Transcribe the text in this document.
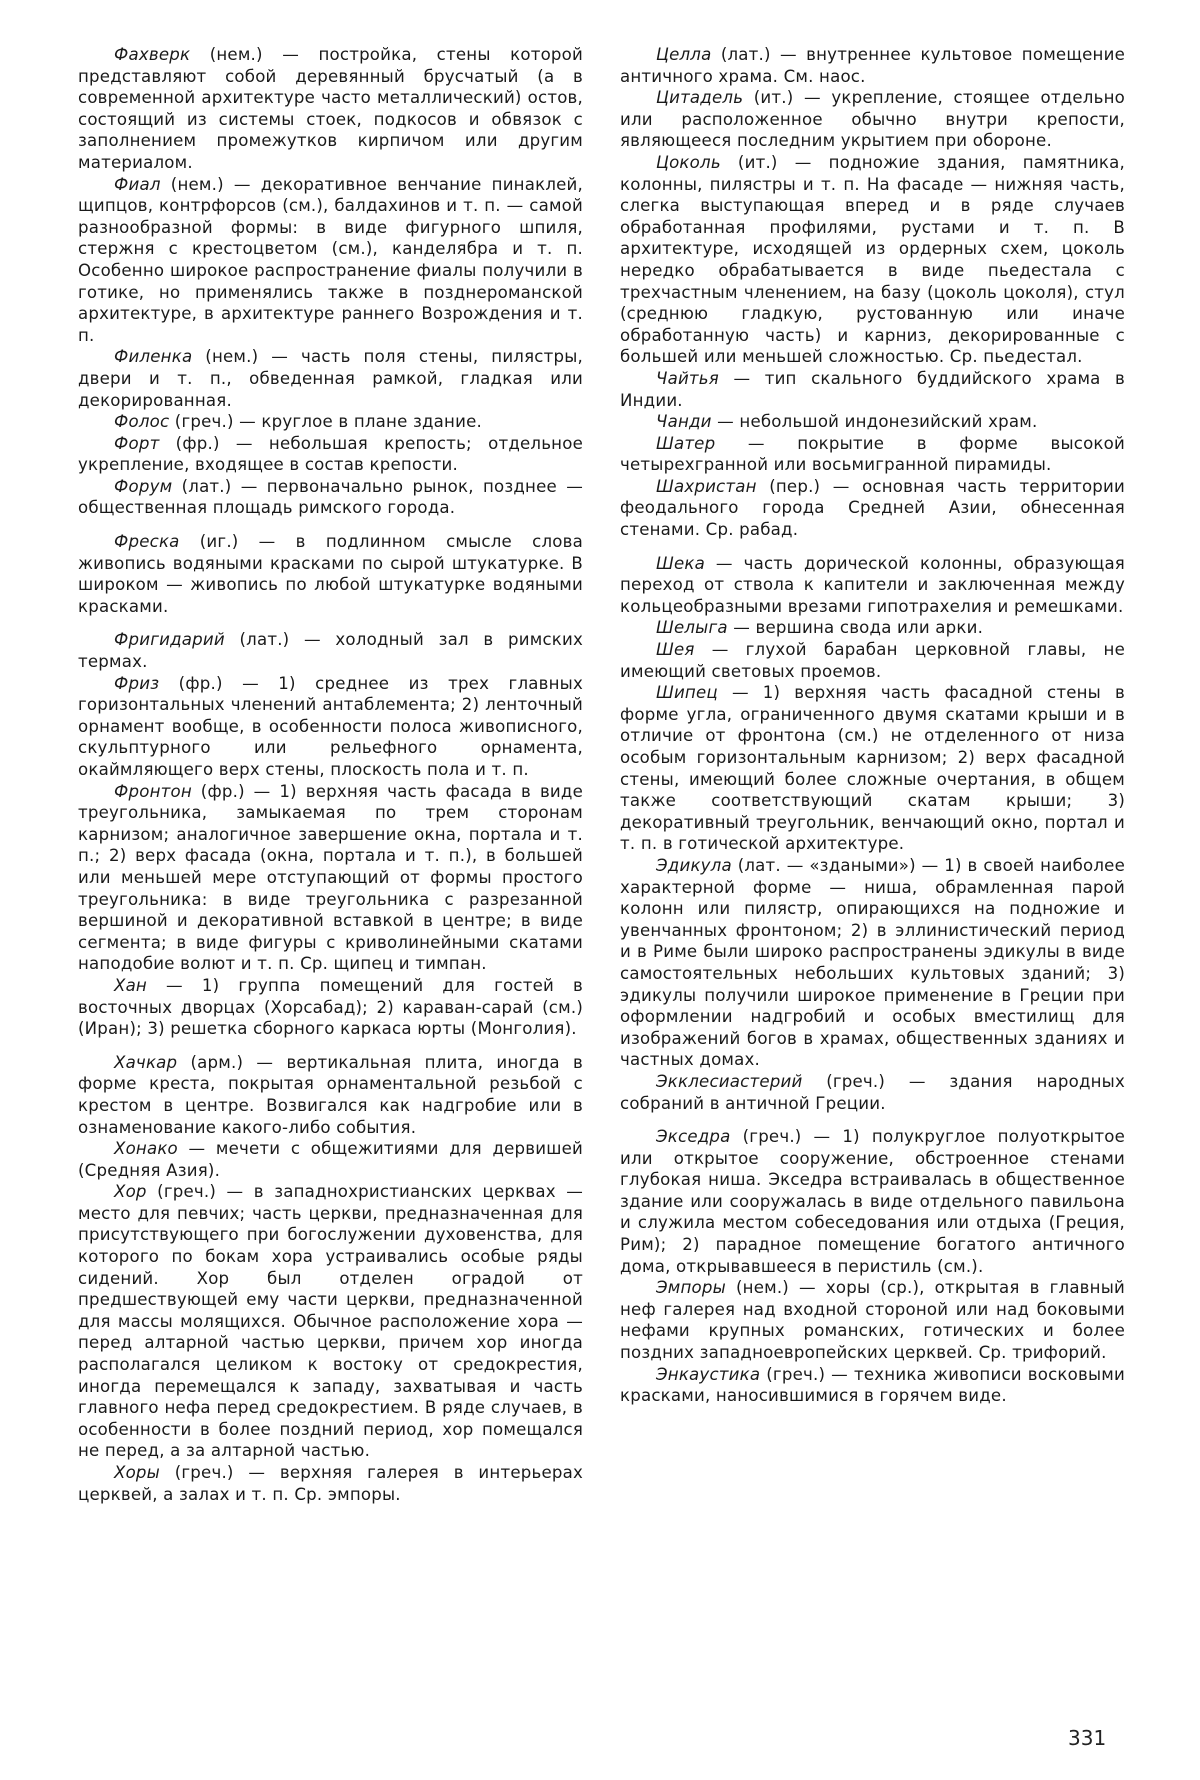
Фахверк (нем.) — постройка, стены которой представляют собой деревянный брусчатый (а в современной архитектуре часто металлический) остов, состоящий из системы стоек, подкосов и обвязок с заполнением промежутков кирпичом или другим материалом.

Фиал (нем.) — декоративное венчание пинаклей, щипцов, контрфорсов (см.), балдахинов и т. п. — самой разнообразной формы: в виде фигурного шпиля, стержня с крестоцветом (см.), канделябра и т. п. Особенно широкое распространение фиалы получили в готике, но применялись также в позднероманской архитектуре, в архитектуре раннего Возрождения и т. п.

Филенка (нем.) — часть поля стены, пилястры, двери и т. п., обведенная рамкой, гладкая или декорированная.

Фолос (греч.) — круглое в плане здание.

Форт (фр.) — небольшая крепость; отдельное укрепление, входящее в состав крепости.

Форум (лат.) — первоначально рынок, позднее — общественная площадь римского города.

Фреска (иг.) — в подлинном смысле слова живопись водяными красками по сырой штукатурке. В широком — живопись по любой штукатурке водяными красками.

Фригидарий (лат.) — холодный зал в римских термах.

Фриз (фр.) — 1) среднее из трех главных горизонтальных членений антаблемента; 2) ленточный орнамент вообще, в особенности полоса живописного, скульптурного или рельефного орнамента, окаймляющего верх стены, плоскость пола и т. п.

Фронтон (фр.) — 1) верхняя часть фасада в виде треугольника, замыкаемая по трем сторонам карнизом; аналогичное завершение окна, портала и т. п.; 2) верх фасада (окна, портала и т. п.), в большей или меньшей мере отступающий от формы простого треугольника: в виде треугольника с разрезанной вершиной и декоративной вставкой в центре; в виде сегмента; в виде фигуры с криволинейными скатами наподобие волют и т. п. Ср. щипец и тимпан.

Хан — 1) группа помещений для гостей в восточных дворцах (Хорсабад); 2) караван-сарай (см.) (Иран); 3) решетка сборного каркаса юрты (Монголия).

Хачкар (арм.) — вертикальная плита, иногда в форме креста, покрытая орнаментальной резьбой с крестом в центре. Возвигался как надгробие или в ознаменование какого-либо события.

Хонако — мечети с общежитиями для дервишей (Средняя Азия).

Хор (греч.) — в западнохристианских церквах — место для певчих; часть церкви, предназначенная для присутствующего при богослужении духовенства, для которого по бокам хора устраивались особые ряды сидений. Хор был отделен оградой от предшествующей ему части церкви, предназначенной для массы молящихся. Обычное расположение хора — перед алтарной частью церкви, причем хор иногда располагался целиком к востоку от средокрестия, иногда перемещался к западу, захватывая и часть главного нефа перед средокрестием. В ряде случаев, в особенности в более поздний период, хор помещался не перед, а за алтарной частью.

Хоры (греч.) — верхняя галерея в интерьерах церквей, а залах и т. п. Ср. эмпоры.

Целла (лат.) — внутреннее культовое помещение античного храма. См. наос.

Цитадель (ит.) — укрепление, стоящее отдельно или расположенное обычно внутри крепости, являющееся последним укрытием при обороне.

Цоколь (ит.) — подножие здания, памятника, колонны, пилястры и т. п. На фасаде — нижняя часть, слегка выступающая вперед и в ряде случаев обработанная профилями, рустами и т. п. В архитектуре, исходящей из ордерных схем, цоколь нередко обрабатывается в виде пьедестала с трехчастным членением, на базу (цоколь цоколя), стул (среднюю гладкую, рустованную или иначе обработанную часть) и карниз, декорированные с большей или меньшей сложностью. Ср. пьедестал.

Чайтья — тип скального буддийского храма в Индии.

Чанди — небольшой индонезийский храм.

Шатер — покрытие в форме высокой четырехгранной или восьмигранной пирамиды.

Шахристан (пер.) — основная часть территории феодального города Средней Азии, обнесенная стенами. Ср. рабад.

Шека — часть дорической колонны, образующая переход от ствола к капители и заключенная между кольцеобразными врезами гипотрахелия и ремешками.

Шелыга — вершина свода или арки.

Шея — глухой барабан церковной главы, не имеющий световых проемов.

Шипец — 1) верхняя часть фасадной стены в форме угла, ограниченного двумя скатами крыши и в отличие от фронтона (см.) не отделенного от низа особым горизонтальным карнизом; 2) верх фасадной стены, имеющий более сложные очертания, в общем также соответствующий скатам крыши; 3) декоративный треугольник, венчающий окно, портал и т. п. в готической архитектуре.

Эдикула (лат. — «здаными») — 1) в своей наиболее характерной форме — ниша, обрамленная парой колонн или пилястр, опирающихся на подножие и увенчанных фронтоном; 2) в эллинистический период и в Риме были широко распространены эдикулы в виде самостоятельных небольших культовых зданий; 3) эдикулы получили широкое применение в Греции при оформлении надгробий и особых вместилищ для изображений богов в храмах, общественных зданиях и частных домах.

Экклесиастерий (греч.) — здания народных собраний в античной Греции.

Экседра (греч.) — 1) полукруглое полуоткрытое или открытое сооружение, обстроенное стенами глубокая ниша. Экседра встраивалась в общественное здание или сооружалась в виде отдельного павильона и служила местом собеседования или отдыха (Греция, Рим); 2) парадное помещение богатого античного дома, открывавшееся в перистиль (см.).

Эмпоры (нем.) — хоры (ср.), открытая в главный неф галерея над входной стороной или над боковыми нефами крупных романских, готических и более поздних западноевропейских церквей. Ср. трифорий.

Энкаустика (греч.) — техника живописи восковыми красками, наносившимися в горячем виде.

331
